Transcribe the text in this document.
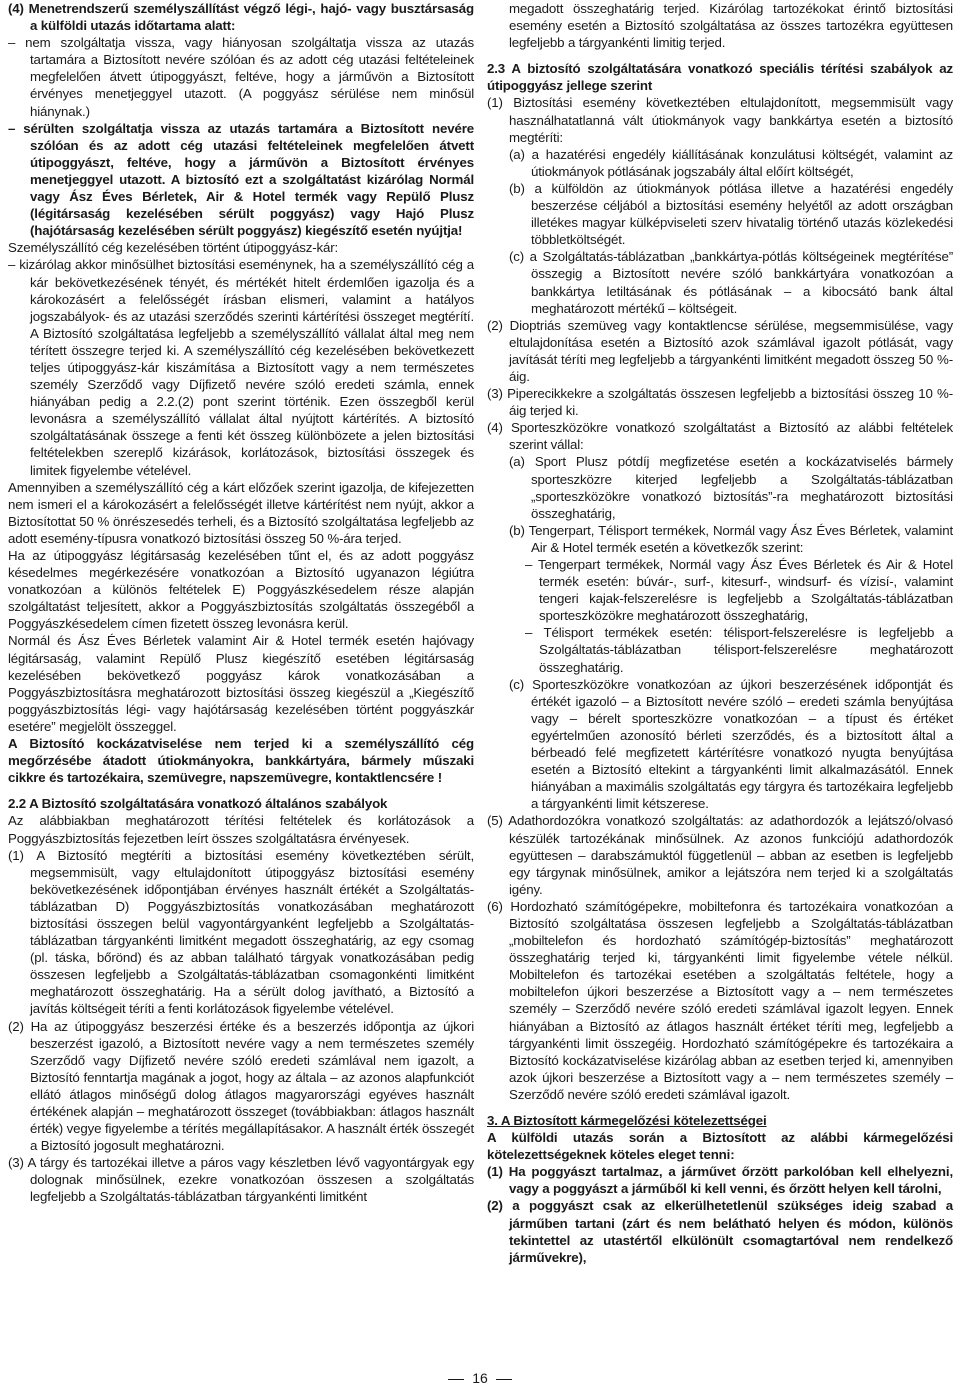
(4) Menetrendszerű személyszállítást végző légi-, hajó- vagy busztársaság a külföldi utazás időtartama alatt:

– nem szolgáltatja vissza, vagy hiányosan szolgáltatja vissza az utazás tartamára a Biztosított nevére szólóan és az adott cég utazási feltételeinek megfelelően átvett útipoggyászt, feltéve, hogy a járművön a Biztosított érvényes menetjeggyel utazott. (A poggyász sérülése nem minősül hiánynak.)

– sérülten szolgáltatja vissza az utazás tartamára a Biztosított nevére szólóan és az adott cég utazási feltételeinek megfelelően átvett útipoggyászt, feltéve, hogy a járművön a Biztosított érvényes menetjeggyel utazott. A biztosító ezt a szolgáltatást kizárólag Normál vagy Ász Éves Bérletek, Air & Hotel termék vagy Repülő Plusz (légitársaság kezelésében sérült poggyász) vagy Hajó Plusz (hajótársaság kezelésében sérült poggyász) kiegészítő esetén nyújtja!

Személyszállító cég kezelésében történt útipoggyász-kár:

– kizárólag akkor minősülhet biztosítási eseménynek, ha a személyszállító cég a kár bekövetkezésének tényét, és mértékét hitelt érdemlően igazolja és a károkozásért a felelősségét írásban elismeri, valamint a hatályos jogszabályok- és az utazási szerződés szerinti kártérítési összeget megtérítí. A Biztosító szolgáltatása legfeljebb a személyszállító vállalat által meg nem térített összegre terjed ki. A személyszállító cég kezelésében bekövetkezett teljes útipoggyász-kár kiszámítása a Biztosított vagy a nem természetes személy Szerződő vagy Díjfizető nevére szóló eredeti számla, ennek hiányában pedig a 2.2.(2) pont szerint történik. Ezen összegből kerül levonásra a személyszállító vállalat által nyújtott kártérítés. A biztosító szolgáltatásának összege a fenti két összeg különbözete a jelen biztosítási feltételekben szereplő kizárások, korlátozások, biztosítási összegek és limitek figyelembe vételével.

Amennyiben a személyszállító cég a kárt előzőek szerint igazolja, de kifejezetten nem ismeri el a károkozásért a felelősségét illetve kártérítést nem nyújt, akkor a Biztosítottat 50 % önrészesedés terheli, és a Biztosító szolgáltatása legfeljebb az adott esemény-típusra vonatkozó biztosítási összeg 50 %-ára terjed.

Ha az útipoggyász légitársaság kezelésében tűnt el, és az adott poggyász késedelmes megérkezésére vonatkozóan a Biztosító ugyanazon légiútra vonatkozóan a különös feltételek E) Poggyászkésedelem része alapján szolgáltatást teljesített, akkor a Poggyászbiztosítás szolgáltatás összegéből a Poggyászkésedelem címen fizetett összeg levonásra kerül.

Normál és Ász Éves Bérletek valamint Air & Hotel termék esetén hajóvagy légitársaság, valamint Repülő Plusz kiegészítő esetében légitársaság kezelésében bekövetkező poggyász károk vonatkozásában a Poggyászbiztosításra meghatározott biztosítási összeg kiegészül a „Kiegészítő poggyászbiztosítás légi- vagy hajótársaság kezelésében történt poggyászkár esetére” megjelölt összeggel.

A Biztosító kockázatviselése nem terjed ki a személyszállító cég megőrzésébe átadott útiokmányokra, bankkártyára, bármely műszaki cikkre és tartozékaira, szemüvegre, napszemüvegre, kontaktlencsére !

2.2 A Biztosító szolgáltatására vonatkozó általános szabályok

Az alábbiakban meghatározott térítési feltételek és korlátozások a Poggyászbiztosítás fejezetben leírt összes szolgáltatásra érvényesek.

(1) A Biztosító megtéríti a biztosítási esemény következtében sérült, megsemmisült, vagy eltulajdonított útipoggyász biztosítási esemény bekövetkezésének időpontjában érvényes használt értékét a Szolgáltatás-táblázatban D) Poggyászbiztosítás vonatkozásában meghatározott biztosítási összegen belül vagyontárgyanként legfeljebb a Szolgáltatás-táblázatban tárgyankénti limitként megadott összeghatárig, az egy csomag (pl. táska, bőrönd) és az abban található tárgyak vonatkozásában pedig összesen legfeljebb a Szolgáltatás-táblázatban csomagonkénti limitként meghatározott összeghatárig. Ha a sérült dolog javítható, a Biztosító a javítás költségeit téríti a fenti korlátozások figyelembe vételével.

(2) Ha az útipoggyász beszerzési értéke és a beszerzés időpontja az újkori beszerzést igazoló, a Biztosított nevére vagy a nem természetes személy Szerződő vagy Díjfizető nevére szóló eredeti számlával nem igazolt, a Biztosító fenntartja magának a jogot, hogy az általa – az azonos alapfunkciót ellátó átlagos minőségű dolog átlagos magyarországi egyéves használt értékének alapján – meghatározott összeget (továbbiakban: átlagos használt érték) vegye figyelembe a térítés megállapításakor. A használt érték összegét a Biztosító jogosult meghatározni.

(3) A tárgy és tartozékai illetve a páros vagy készletben lévő vagyontárgyak egy dolognak minősülnek, ezekre vonatkozóan összesen a szolgáltatás legfeljebb a Szolgáltatás-táblázatban tárgyankénti limitként

megadott összeghatárig terjed. Kizárólag tartozékokat érintő biztosítási esemény esetén a Biztosító szolgáltatása az összes tartozékra együttesen legfeljebb a tárgyankénti limitig terjed.

2.3 A biztosító szolgáltatására vonatkozó speciális térítési szabályok az útipoggyász jellege szerint

(1) Biztosítási esemény következtében eltulajdonított, megsemmisült vagy használhatatlanná vált útiokmányok vagy bankkártya esetén a biztosító megtéríti:

(a) a hazatérési engedély kiállításának konzulátusi költségét, valamint az útiokmányok pótlásának jogszabály által előírt költségét,

(b) a külföldön az útiokmányok pótlása illetve a hazatérési engedély beszerzése céljából a biztosítási esemény helyétől az adott országban illetékes magyar külképviseleti szerv hivatalig történő utazás közlekedési többletköltségét.

(c) a Szolgáltatás-táblázatban „bankkártya-pótlás költségeinek megtérítése” összegig a Biztosított nevére szóló bankkártyára vonatkozóan a bankkártya letiltásának és pótlásának – a kibocsátó bank által meghatározott mértékű – költségeit.

(2) Dioptriás szemüveg vagy kontaktlencse sérülése, megsemmisülése, vagy eltulajdonítása esetén a Biztosító azok számlával igazolt pótlását, vagy javítását téríti meg legfeljebb a tárgyankénti limitként megadott összeg 50 %-áig.

(3) Piperecikkekre a szolgáltatás összesen legfeljebb a biztosítási összeg 10 %-áig terjed ki.

(4) Sporteszközökre vonatkozó szolgáltatást a Biztosító az alábbi feltételek szerint vállal:

(a) Sport Plusz pótdíj megfizetése esetén a kockázatviselés bármely sporteszközre kiterjed legfeljebb a Szolgáltatás-táblázatban „sporteszközökre vonatkozó biztosítás”-ra meghatározott biztosítási összeghatárig,

(b) Tengerpart, Télisport termékek, Normál vagy Ász Éves Bérletek, valamint Air & Hotel termék esetén a következők szerint:

– Tengerpart termékek, Normál vagy Ász Éves Bérletek és Air & Hotel termék esetén: búvár-, surf-, kitesurf-, windsurf- és vízisí-, valamint tengeri kajak-felszerelésre is legfeljebb a Szolgáltatás-táblázatban sporteszközökre meghatározott összeghatárig,

– Télisport termékek esetén: télisport-felszerelésre is legfeljebb a Szolgáltatás-táblázatban télisport-felszerelésre meghatározott összeghatárig.

(c) Sporteszközökre vonatkozóan az újkori beszerzésének időpontját és értékét igazoló – a Biztosított nevére szóló – eredeti számla benyújtása vagy – bérelt sporteszközre vonatkozóan – a típust és értéket egyértelműen azonosító bérleti szerződés, és a biztosított által a bérbeadó felé megfizetett kártérítésre vonatkozó nyugta benyújtása esetén a Biztosító eltekint a tárgyankénti limit alkalmazásától. Ennek hiányában a maximális szolgáltatás egy tárgyra és tartozékaira legfeljebb a tárgyankénti limit kétszerese.

(5) Adathordozókra vonatkozó szolgáltatás: az adathordozók a lejátszó/olvasó készülék tartozékának minősülnek. Az azonos funkciójú adathordozók együttesen – darabszámuktól függetlenül – abban az esetben is legfeljebb egy tárgynak minősülnek, amikor a lejátszóra nem terjed ki a szolgáltatás igény.

(6) Hordozható számítógépekre, mobiltefonra és tartozékaira vonatkozóan a Biztosító szolgáltatása összesen legfeljebb a Szolgáltatás-táblázatban „mobiltelefon és hordozható számítógép-biztosítás” meghatározott összeghatárig terjed ki, tárgyankénti limit figyelembe vétele nélkül. Mobiltelefon és tartozékai esetében a szolgáltatás feltétele, hogy a mobiltelefon újkori beszerzése a Biztosított vagy a – nem természetes személy – Szerződő nevére szóló eredeti számlával igazolt legyen. Ennek hiányában a Biztosító az átlagos használt értéket téríti meg, legfeljebb a tárgyankénti limit összegéig. Hordozható számítógépekre és tartozékaira a Biztosító kockázatviselése kizárólag abban az esetben terjed ki, amennyiben azok újkori beszerzése a Biztosított vagy a – nem természetes személy – Szerződő nevére szóló eredeti számlával igazolt.

3. A Biztosított kármegelőzési kötelezettségei

A külföldi utazás során a Biztosított az alábbi kármegelőzési kötelezettségeknek köteles eleget tenni:

(1) Ha poggyászt tartalmaz, a járművet őrzött parkolóban kell elhelyezni, vagy a poggyászt a járműből ki kell venni, és őrzött helyen kell tárolni,

(2) a poggyászt csak az elkerülhetetlenül szükséges ideig szabad a járműben tartani (zárt és nem belátható helyen és módon, különös tekintettel az utastértől elkülönült csomagtartóval nem rendelkező járművekre),

16
